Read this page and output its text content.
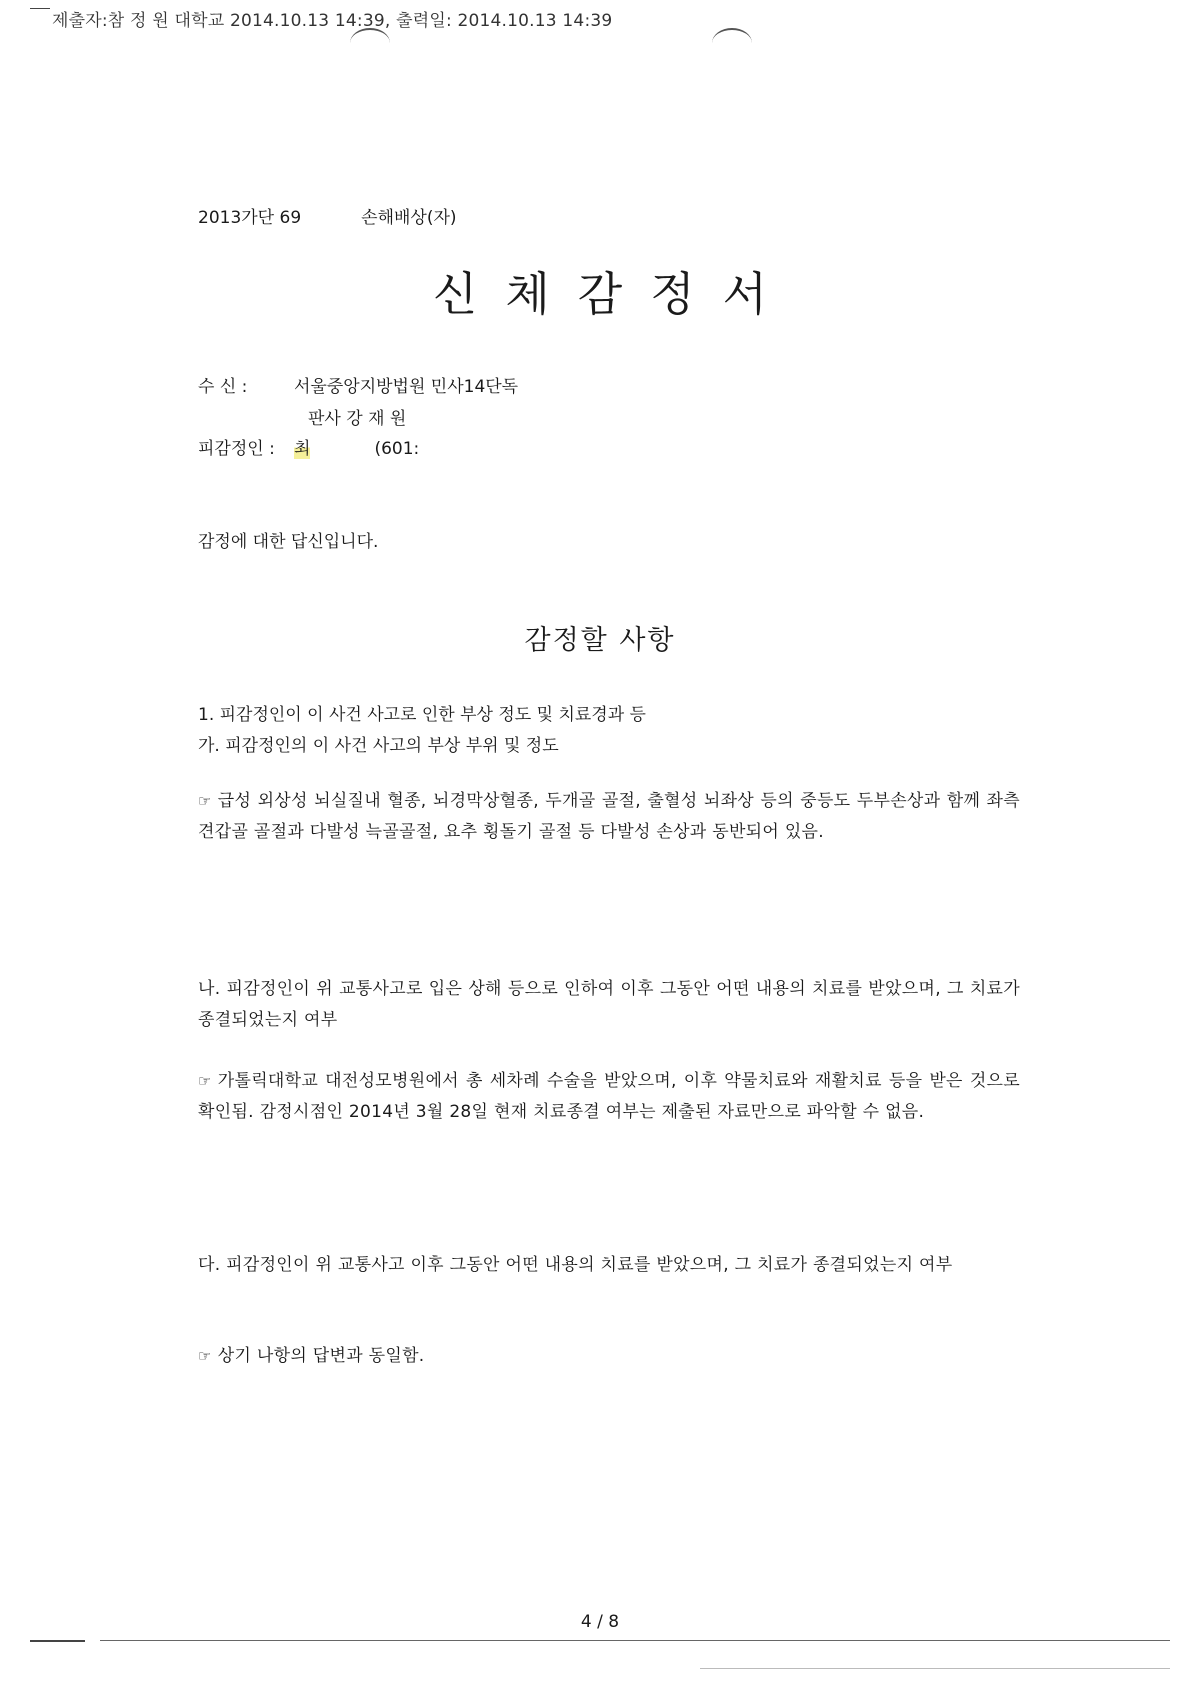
제출자:참 정 원 대학교 2014.10.13 14:39, 출력일: 2014.10.13 14:39
2013가단 69	손해배상(자)
신체감정서
수 신 :	서울중앙지방법원 민사14단독
판사 강 재 원
피감정인 : 최	(601:
감정에 대한 답신입니다.
감정할 사항
1. 피감정인이 이 사건 사고로 인한 부상 정도 및 치료경과 등
가. 피감정인의 이 사건 사고의 부상 부위 및 정도
☞ 급성 외상성 뇌실질내 혈종, 뇌경막상혈종, 두개골 골절, 출혈성 뇌좌상 등의 중등도 두부손상과 함께 좌측 견갑골 골절과 다발성 늑골골절, 요추 횡돌기 골절 등 다발성 손상과 동반되어 있음.
나. 피감정인이 위 교통사고로 입은 상해 등으로 인하여 이후 그동안 어떤 내용의 치료를 받았으며, 그 치료가 종결되었는지 여부
☞ 가톨릭대학교 대전성모병원에서 총 세차례 수술을 받았으며, 이후 약물치료와 재활치료 등을 받은 것으로 확인됨. 감정시점인 2014년 3월 28일 현재 치료종결 여부는 제출된 자료만으로 파악할 수 없음.
다. 피감정인이 위 교통사고 이후 그동안 어떤 내용의 치료를 받았으며, 그 치료가 종결되었는지 여부
☞ 상기 나항의 답변과 동일함.
4 / 8
